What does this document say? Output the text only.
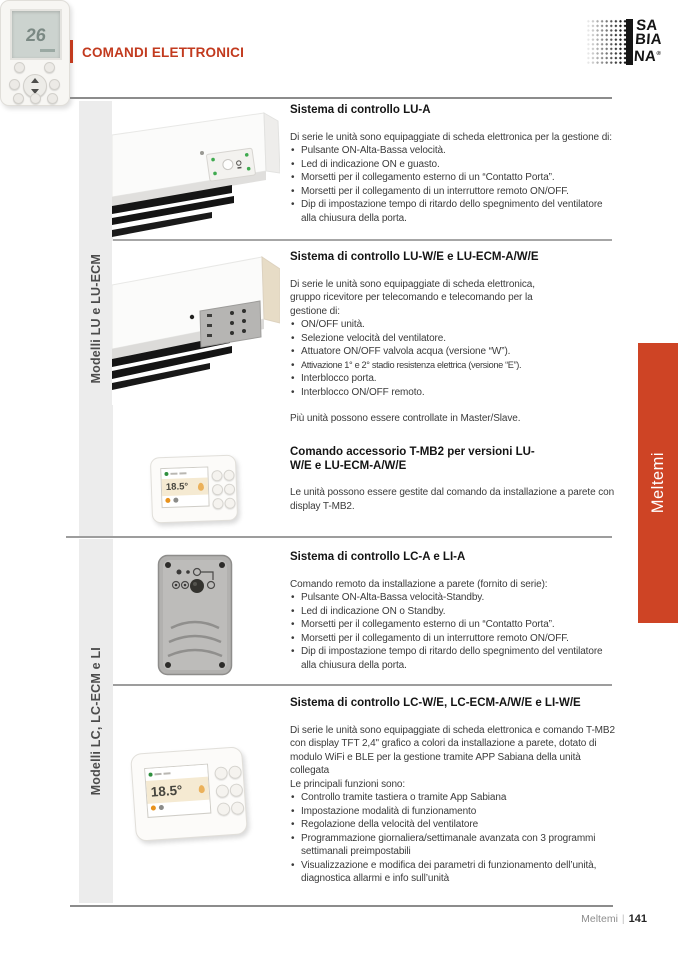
COMANDI ELETTRONICI
SA
BIA
NA®
Modelli LU e LU-ECM
Modelli LC, LC-ECM e LI
Meltemi
26
18.5°
18.5°
Sistema di controllo LU-A

Di serie le unità sono equipaggiate di scheda elettronica per la gestione di:

• Pulsante ON-Alta-Bassa velocità.
• Led di indicazione ON e guasto.
• Morsetti per il collegamento esterno di un “Contatto Porta”.
• Morsetti per il collegamento di un interruttore remoto ON/OFF.
• Dip di impostazione tempo di ritardo dello spegnimento del ventilatore alla chiusura della porta.
Sistema di controllo LU-W/E e LU-ECM-A/W/E

Di serie le unità sono equipaggiate di scheda elettronica, gruppo ricevitore per telecomando e telecomando per la gestione di:

• ON/OFF unità.
• Selezione velocità del ventilatore.
• Attuatore ON/OFF valvola acqua (versione “W”).
• Attivazione 1° e 2° stadio resistenza elettrica (versione “E”).
• Interblocco porta.
• Interblocco ON/OFF remoto.

Più unità possono essere controllate in Master/Slave.

Comando accessorio T-MB2 per versioni LU-W/E e LU-ECM-A/W/E

Le unità possono essere gestite dal comando da installazione a parete con display T-MB2.

Sistema di controllo LC-A e LI-A

Comando remoto da installazione a parete (fornito di serie):

• Pulsante ON-Alta-Bassa velocità-Standby.
• Led di indicazione ON o Standby.
• Morsetti per il collegamento esterno di un “Contatto Porta”.
• Morsetti per il collegamento di un interruttore remoto ON/OFF.
• Dip di impostazione tempo di ritardo dello spegnimento del ventilatore alla chiusura della porta.
Sistema di controllo LC-W/E, LC-ECM-A/W/E e LI-W/E

Di serie le unità sono equipaggiate di scheda elettronica e comando T-MB2 con display TFT 2,4" grafico a colori da installazione a parete, dotato di modulo WiFi e BLE per la gestione tramite APP Sabiana della unità collegata

Le principali funzioni sono:

• Controllo tramite tastiera o tramite App Sabiana
• Impostazione modalità di funzionamento
• Regolazione della velocità del ventilatore
• Programmazione giornaliera/settimanale avanzata con 3 programmi settimanali preimpostabili
• Visualizzazione e modifica dei parametri di funzionamento dell’unità, diagnostica allarmi e info sull’unità
Meltemi | 141
